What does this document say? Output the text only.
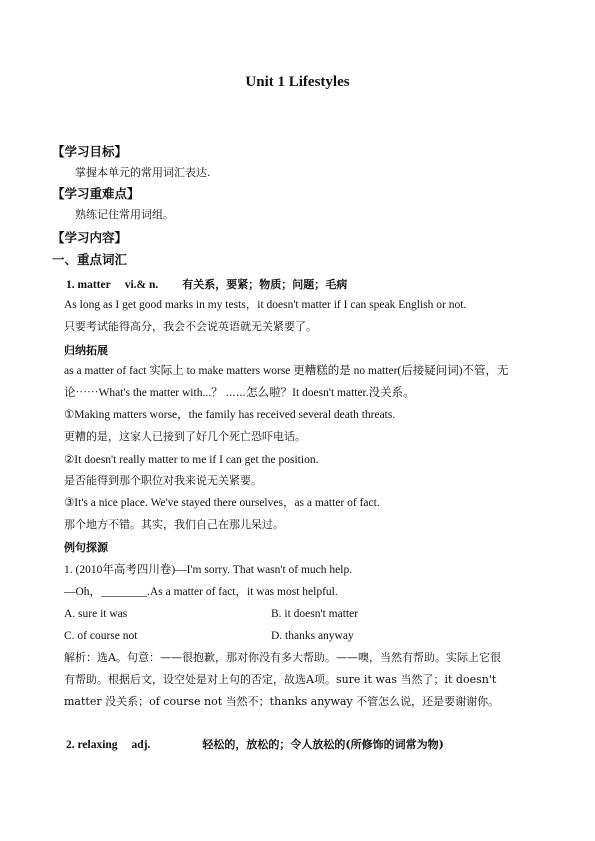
Unit 1 Lifestyles
【学习目标】
掌握本单元的常用词汇表达.
【学习重难点】
熟练记住常用词组。
【学习内容】
一、重点词汇
1. matter vi.& n. 有关系，要紧；物质；问题；毛病
As long as I get good marks in my tests，it doesn't matter if I can speak English or not.
只要考试能得高分，我会不会说英语就无关紧要了。
归纳拓展
as a matter of fact 实际上 to make matters worse 更糟糕的是 no matter(后接疑问词)不管，无
论⋯⋯What's the matter with...？ ⋯⋯怎么啦？It doesn't matter.没关系。
①Making matters worse，the family has received several death threats.
更糟的是，这家人已接到了好几个死亡恐吓电话。
②It doesn't really matter to me if I can get the position.
是否能得到那个职位对我来说无关紧要。
③It's a nice place. We've stayed there ourselves，as a matter of fact.
那个地方不错。其实，我们自己在那儿呆过。
例句探源
1. (2010年高考四川卷)—I'm sorry. That wasn't of much help.
—Oh，________.As a matter of fact，it was most helpful.
A. sure it was	B. it doesn't matter
C. of course not	D. thanks anyway
解析：选A。句意：——很抱歉，那对你没有多大帮助。——噢，当然有帮助。实际上它很
有帮助。根据后文，设空处是对上句的否定，故选A项。sure it was 当然了；it doesn't
matter 没关系；of course not 当然不；thanks anyway 不管怎么说，还是要谢谢你。
2. relaxing adj.	轻松的，放松的；令人放松的(所修饰的词常为物)
